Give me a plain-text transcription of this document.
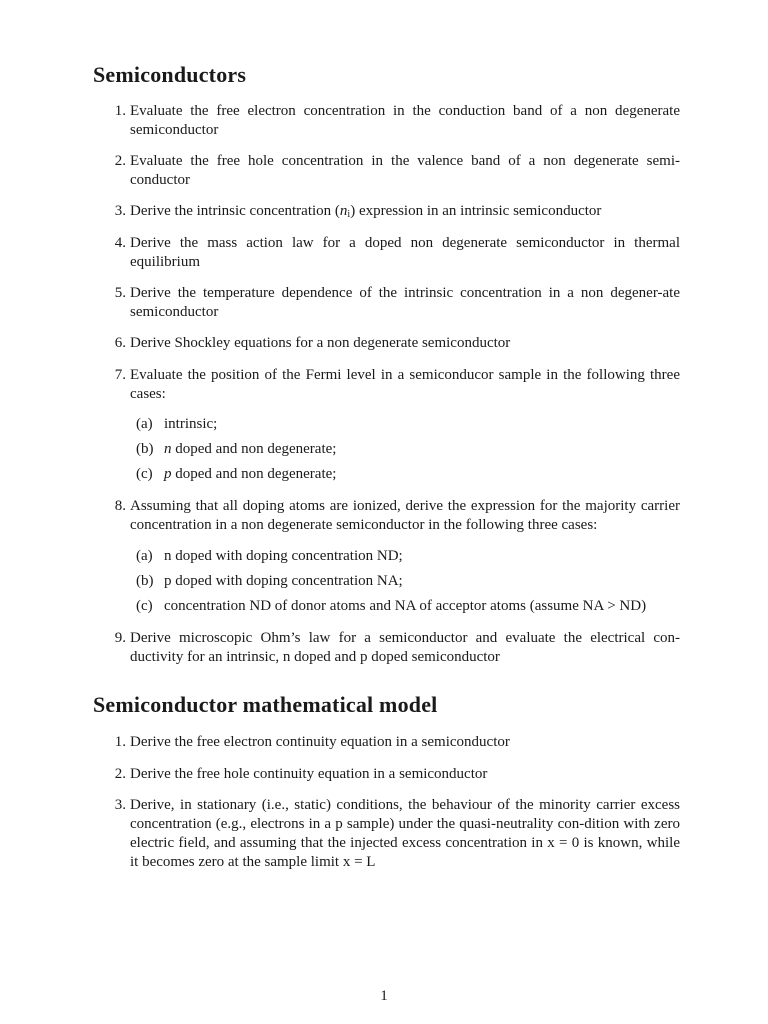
Semiconductors
1. Evaluate the free electron concentration in the conduction band of a non degenerate semiconductor
2. Evaluate the free hole concentration in the valence band of a non degenerate semi-conductor
3. Derive the intrinsic concentration $(n_i)$ expression in an intrinsic semiconductor
4. Derive the mass action law for a doped non degenerate semiconductor in thermal equilibrium
5. Derive the temperature dependence of the intrinsic concentration in a non degener-ate semiconductor
6. Derive Shockley equations for a non degenerate semiconductor
7. Evaluate the position of the Fermi level in a semiconducor sample in the following three cases:
(a) intrinsic;
(b) n doped and non degenerate;
(c) p doped and non degenerate;
8. Assuming that all doping atoms are ionized, derive the expression for the majority carrier concentration in a non degenerate semiconductor in the following three cases:
(a) n doped with doping concentration ND;
(b) p doped with doping concentration NA;
(c) concentration ND of donor atoms and NA of acceptor atoms (assume NA > ND)
9. Derive microscopic Ohm’s law for a semiconductor and evaluate the electrical con-ductivity for an intrinsic, n doped and p doped semiconductor
Semiconductor mathematical model
1. Derive the free electron continuity equation in a semiconductor
2. Derive the free hole continuity equation in a semiconductor
3. Derive, in stationary (i.e., static) conditions, the behaviour of the minority carrier excess concentration (e.g., electrons in a p sample) under the quasi-neutrality con-dition with zero electric field, and assuming that the injected excess concentration in x = 0 is known, while it becomes zero at the sample limit x = L
1
